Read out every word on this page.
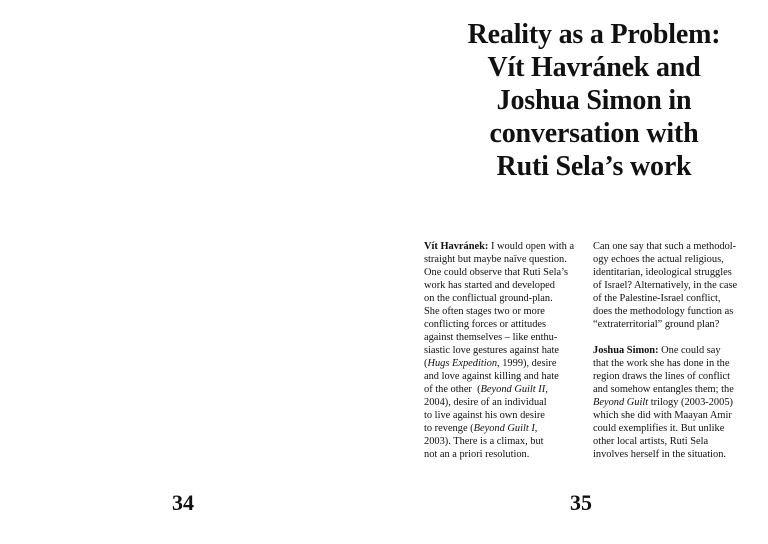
Reality as a Problem:
Vít Havránek and
Joshua Simon in
conversation with
Ruti Sela’s work
Vít Havránek: I would open with a
straight but maybe naïve question.
One could observe that Ruti Sela’s
work has started and developed
on the conflictual ground-plan.
She often stages two or more
conflicting forces or attitudes
against themselves – like enthu-
siastic love gestures against hate
(Hugs Expedition, 1999), desire
and love against killing and hate
of the other  (Beyond Guilt II,
2004), desire of an individual
to live against his own desire
to revenge (Beyond Guilt I,
2003). There is a climax, but
not an a priori resolution.
Can one say that such a methodol-
ogy echoes the actual religious,
identitarian, ideological struggles
of Israel? Alternatively, in the case
of the Palestine-Israel conflict,
does the methodology function as
“extraterritorial” ground plan?
Joshua Simon: One could say
that the work she has done in the
region draws the lines of conflict
and somehow entangles them; the
Beyond Guilt trilogy (2003-2005)
which she did with Maayan Amir
could exemplifies it. But unlike
other local artists, Ruti Sela
involves herself in the situation.
34	35
